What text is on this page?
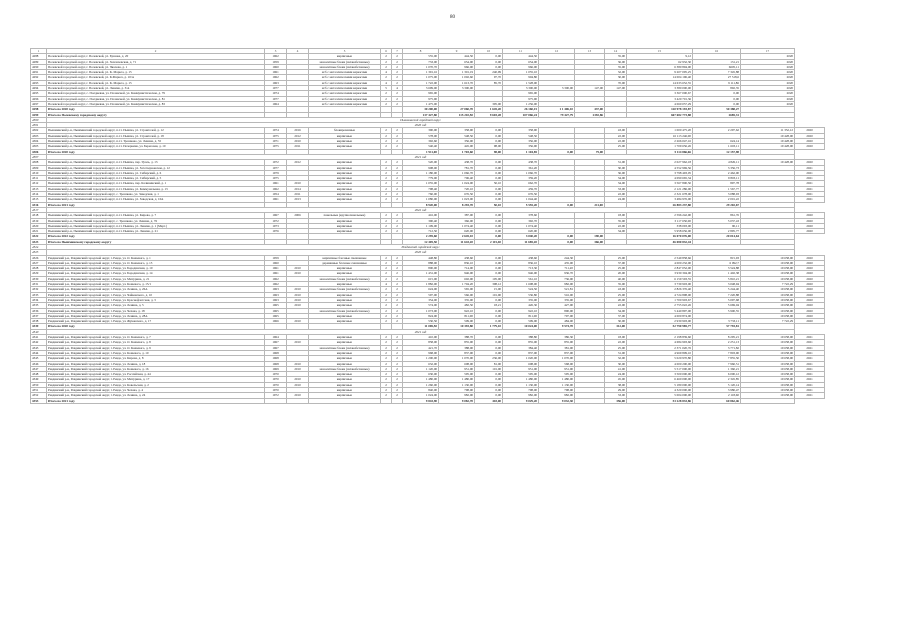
80
1	2	3	4	5	6	7	8	9	10	11	12	13	14	15	16	17	
4288	Полевской городской округ, г. Полевской, ул. Ершова, д. 20	1962		кирпичные	2	2	555,00	444,50	0,00	444,50			35,00	9,12		2020	
4289	Полевской городской округ, г. Полевской, ул. Хохлачевская, д. 71	1959		монолитные блоки (шлакобетонные)	2	2	733,00	654,00	0,00	654,00			36,00	62 932,30	131,21	2020	
4290	Полевской городской округ, г. Полевской, ул. Чкалова, д. 1	1960		монолитные блоки (шлакобетонные)	2	2	1 070,70	966,00	0,00	966,00			35,00	6 380 894,00	6605,11	2020	
4291	Полевской городской округ, г. Полевской, ул. К. Маркса, д. 15	1961		ж/б с металлическими каркасами	4	2	1 391,16	1 301,19	240,99	1 055,10			32,00	9 207 095,25	7 345,88	2020	
4292	Полевской городской округ, г. Полевской, ул. К.Маркса, д. 10/А	1962		ж/б с металлическими каркасами	2	2	1 075,00	1 002,60	97,70	904,80			30,00	14 004 196,40	27 518,6	2020	
4293	Полевской городской округ, г. Полевской, ул. К. Маркса, д. 15	1963		ж/б с металлическими каркасами	4	2	1 722,00	1 613,70	85,70	1 528,00			70,00	14 633 652,55	9 111,86	2020	
4294	Полевской городской округ, г. Полевской, ул. Ленина, д. 3/А	1977		ж/б с металлическими каркасами	5	4	3 699,00	3 300,00		3 300,00	3 300,00	147,00	147,00	3 380 000,00	892,35	2020	
4295	Полевской городской округ, с. Полдневая, ул. Полевской, ул. Коммунистическая, д. 79	1974		ж/б с металлическими каркасами	2	2	965,00			965,00				3 367 000,67	0,00	2020	
4296	Полевской городской округ, с. Полдневая, ул. Полевской, ул. Коммунистическая, д. 81	1977		ж/б с металлическими каркасами	2	2	975,90			975,90				3 420 701,36	0,00	2020	
4297	Полевской городской округ, с. Полдневая, ул. Полевской, ул. Коммунистическая, д. 83	1964		ж/б с металлическими каркасами	2	2	1 475,00		395,00	1 256,00				4 060 057,29	0,00	2020	
4298	Итого по 2020 году						30 200,00	27 060,70	1 645,20	26 160,15	1 1 406,10	437,00		120 978 193,87	50 388,27		
4299	Итого по Полевскому городскому округу						137 427,80	115 210,50	9 603,28	107 066,24	79 427,79	2392,86		667 682 773,88	2685,31		
4300	Пышминский городской округ																
4301	2020 год																
4302	Пышминский р-н, Пышминский городской округ, п.г.т. Пышма, ул. Строителей, д. 12	1974	2016	блокированные	2	2	390,00	358,90	0,00	358,90			43,00	1 000 475,20	2 297,62	11 352,12	2020
4303	Пышминский р-н, Пышминский городской округ, п.г.т. Пышма, ул. Строителей, д. 18	1975	2012	кирпичные	2	2	578,00	548,50	0,00	548,50			22,00	16 113 246,00		19 428,00	2020
4304	Пышминский р-н, Пышминский городской округ, п.г.т. Трошково, ул. Ленина, д. 55	1971	2010	кирпичные	2	2	392,60	356,00	0,00	356,00			22,00	2 266 047,16	624,14	19 428,00	2020
4305	Пышминский р-н, Пышминский городской округ, п.г.т. Печеркина, ул. Береговая, д. 10	1975	2011	кирпичные	2	2	540,40	445,00	98,00	356,90			25,00	1 709 656,26	1 603,11	19 428,00	2020
4306	Итого по 2020 году						1 911,00	1 703,60	98,00	1 104,85	0,00	75,00		5 114 866,66	12 157,98		
4307	2021 год																
4308	Пышминский р-н, Пышминский городской округ, п.г.т. Пышма, пер. Ураль, д. 13	1972	2012	кирпичные	2	2	520,00	438,70	0,00	438,70			31,00	2 027 962,18	4 826,11	19 428,00	2020
4309	Пышминский р-н, Пышминский городской округ, п.г.т. Пышма, ул. Заготзерновская, д. 12	1977		кирпичные	2	2	908,00	781,70	0,00	361,20			30,00	4 552 969,56	3 356,73		2021
4310	Пышминский р-н, Пышминский городской округ, п.г.т. Пышма, ул. Сибирский, д. 6	1979		кирпичные	2	2	1 180,00	1 066,70	0,00	1 066,70			36,00	3 798 493,05	2 462,00		2021
4311	Пышминский р-н, Пышминский городской округ, п.г.т. Пышма, ул. Сибирский, д. 5	1975		кирпичные	2	2	779,00	706,40	0,00	359,20			34,00	4 090 665,34	9 803,11		2021
4312	Пышминский р-н, Пышминский городской округ, п.г.т. Пышма, пер. Калининский, д. 1	1961	2010	кирпичные	2	2	1 055,00	1 024,00	50,10	662,70			34,00	3 567 800,50	897,78		2021
4313	Пышминский р-н, Пышминский городской округ, п.г.т. Пышма, ул. Коммунальная, д. 13	1962	2014	кирпичные	2	2	798,40	720,10	0,00	459,70			33,00	2 121 286,00	1 567,77		2021
4314	Пышминский р-н, Пышминский городской округ, с. Трошково, ул. Заводская, д. 1	1954	2011	кирпичные	2	2	760,00	676,50	0,00	676,50			22,00	2 321 678,00	3 088,93		2021
4315	Пышминский р-н, Пышминский городской округ, п.г.т. Пышма, ул. Заводская, д. 10А	1961	2013	кирпичные	2	2	1 080,00	1 023,00	0,00	1 044,40			24,00	3 484 976,00	2 001,22		2021
4316	Итого по 2021 году						8 920,00	8 293,70	50,10	5 555,20	0,00	211,00		26 883 237,80	29 202,67		
4317	2022 год																
4318	Пышминский р-н, Пышминский городской округ, п.г.т. Пышма, ул. Кирова, д. 7	1967	2006	панельные (крупнопанельные)	2	2	416,00	387,00	0,00	378,60			18,00	2 596 242,90	861,76		2020
4319	Пышминский р-н, Пышминский городской округ, с. Трошково, ул. Ленина, д. 76	1972		кирпичные	2	2	390,40	366,00	0,00	392,70			35,00	3 117 650,00	5 037,43		2020
4320	Пышминский р-н, Пышминский городской округ, п.г.т. Пышма, ул. Ленина, д. 1 (Март.)	1973		кирпичные	2	2	1 109,00	1 074,40	0,00	1 074,40			22,00	338 093,00	90,11		2020
4321	Пышминский р-н, Пышминский городской округ, п.г.т. Пышма, ул. Ленина, д. 21	1976		кирпичные	2	2	712,50	620,00	0,00	620,00			34,00	5 958 656,00	2 895,77		2020
4322	Итого по 2022 году						2 295,60	2 645,10	0,00	3 040,20	0,00	190,00		16 070 076,00	20 014,64		
4323	Итого по Пышминскому городскому округу						12 405,50	11 643,20	2 115,40	11 685,20	0,00	366,00		46 080 832,44			
4324	Ревдинский городской округ																
4325	2020 год																
4326	Ревдинский р-н, Ревдинский городской округ, г. Ревда, ул. О. Кошевого, д. 1	1959		кирпичные блочные смешанные	2	2	448,80	438,60	0,00	438,60	244,30		25,00	2 549 858,66	815,93	19 658,00	2020
4327	Ревдинский р-н, Ревдинский городской округ, г. Ревда, ул. О. Кошевого, д. 13	1960		деревянные блочные смешанные	2	2	888,00	836,10	0,00	836,10	435,00		37,00	4 000 232,00	6 092,7	19 658,00	2020
4328	Ревдинский р-н, Ревдинский городской округ, г. Ревда, ул. Бородинская, д. 10	1961	2010	кирпичные	2	2	800,00	714,00	0,00	713,30	711,20		25,00	2 847 052,00	3 524,88	19 658,00	2020
4329	Ревдинский р-н, Ревдинский городской округ, г. Ревда, ул. Бородинская, д. 14	1961	2010	кирпичные	2	2	1 431,00	946,00	0,00	946,00	936,70		20,00	3 930 304,00	1 402,38	19 658,00	2020
4330	Ревдинский р-н, Ревдинский городской округ, г. Ревда, ул. Мичурина, д. 21	1962		монолитные блоки (шлакобетонные)	2	2	615,00	602,00	105,00	561,10	736,00		40,00	6 159 593,55	5 810,21	19 658,00	2020
4331	Ревдинский р-н, Ревдинский городской округ, г. Ревда, ул. Кошевого, д. 15/1	1962		кирпичные	4	2	1 882,00	1 704,20	398,12	1 608,00	982,00		35,00	3 739 903,00	3 048,94	7 722,29	2020
4332	Ревдинский р-н, Ревдинский городской округ, г. Ревда, ул. Ленина, д. 26А	1963	2010	монолитные блоки (шлакобетонные)	2	2	624,00	565,00	15,00	524,50	521,81		43,00	2 826 376,40	5 244,40	19 658,00	2020
4333	Ревдинский р-н, Ревдинский городской округ, г. Ревда, ул. Чайковского, д. 10	1963	2010	кирпичные	2	2	597,00	566,00	101,90	536,80	516,00		25,00	4 724 898,00	7 220,88	19 658,00	2020
4334	Ревдинский р-н, Ревдинский городской округ, г. Ревда, ул. Краснофлотская, д. 3	1963	2010	кирпичные	2	2	354,00	335,00	0,00	335,00	335,00		20,00	1 700 903,67	5 097,68	19 658,00	2020
4335	Ревдинский р-н, Ревдинский городской округ, г. Ревда, ул. Ленина, д. 5	1965	2010	кирпичные	2	2	574,00	482,50	18,21	426,30	427,00		22,00	2 755 022,26	5 669,04	19 658,00	2020
4336	Ревдинский р-н, Ревдинский городской округ, г. Ревда, ул. Чехова, д. 18	1965		монолитные блоки (шлакобетонные)	2	2	1 073,00	922,10	0,00	922,10	890,00		34,00	5 440 897,00	5 900,55	19 658,00	2020
4337	Ревдинский р-н, Ревдинский городской округ, г. Ревда, ул. Ленина, д. 28А	1965		кирпичные	2	2	824,00	811,00	0,00	811,00	797,00		37,00	4 000 874,00		19 658,00	2020
4338	Ревдинский р-н, Ревдинский городской округ, г. Ревда, ул. Жуковского, д. 17	1966	2010	кирпичные	2	2	530,50	509,00	0,00	509,00	484,00		30,00	2 930 903,00	3 733,11	7 722,29	2020
4339	Итого по 2020 году						11 069,50	10 393,80	1 779,10	10 024,00	9 574,70		312,00	52 790 985,77	57 793,81		
4340	2021 год																
4341	Ревдинский р-н, Ревдинский городской округ, г. Ревда, ул. О. Кошевого, д. 7	1964		кирпичные	2	2	410,00	388,70	0,00	388,80	386,30		18,00	2 198 839,60	8 295,21	19 658,00	2021
4342	Ревдинский р-н, Ревдинский городской округ, г. Ревда, ул. О. Кошевого, д. 8	1967	2010	кирпичные	2	2	858,00	855,00	0,00	855,00	855,00		22,00	4 684 993,60	2 251,13	19 658,00	2021
4343	Ревдинский р-н, Ревдинский городской округ, г. Ревда, ул. О. Кошевого, д. 9	1967		монолитные блоки (шлакобетонные)	2	2	421,70	388,00	0,00	384,40	381,00		25,00	2 371 020,76	3 771,82	19 658,00	2021
4344	Ревдинский р-н, Ревдинский городской округ, г. Ревда, ул. Кошевого, д. 10	1968		кирпичные	2	2	968,00	837,00	0,00	837,00	837,00		31,00	4 969 809,10	7 803,90	19 658,00	2021
4345	Ревдинский р-н, Ревдинский городской округ, г. Ревда, ул. Кирова, д. 8	1968		кирпичные	2	2	1 200,00	1 070,00	236,00	1 020,00	1 070,00		32,00	5 020 970,80	7 855,50	19 658,00	2021
4346	Ревдинский р-н, Ревдинский городской округ, г. Ревда, ул. Ленина, д. 18	1968	2010	кирпичные	2	2	632,00	608,00	81,00	608,00	568,00		30,00	4 000 200,00	7 960,51	19 658,00	2021
4347	Ревдинский р-н, Ревдинский городской округ, г. Ревда, ул. Кошевого, д. 16	1969	2010	монолитные блоки (шлакобетонные)	2	2	1 120,00	951,00	101,00	951,00	951,00		41,00	5 517 000,00	1 360,21	19 658,00	2021
4348	Ревдинский р-н, Ревдинский городской округ, г. Ревда, ул. Российская, д. 44	1970		кирпичные	2	2	630,00	595,00	0,00	595,00	595,00		24,00	3 500 000,00	6 000,12	19 658,00	2021
4349	Ревдинский р-н, Ревдинский городской округ, г. Ревда, ул. Мичурина, д. 17	1970	2010	кирпичные	2	2	1 480,00	1 480,00	0,00	1 480,00	1 480,00		45,00	6 460 000,00	2 345,85	19 658,00	2021
4350	Ревдинский р-н, Ревдинский городской округ, г. Ревда, ул. Ковельская, д. 2	1970	2010	кирпичные	2	2	1 260,00	1 130,00	0,00	1 130,00	1 130,00		38,00	5 180 000,00	5 120,14	19 658,00	2021
4351	Ревдинский р-н, Ревдинский городской округ, г. Ревда, ул. Чехова, д. 4	1970		кирпичные	2	2	840,00	798,00	0,00	798,00	798,00		29,00	4 320 000,00	3 980,47	19 658,00	2021
4352	Ревдинский р-н, Ревдинский городской округ, г. Ревда, ул. Ленина, д. 24	1972	2010	кирпичные	2	2	1 024,00	982,00	0,00	982,00	982,00		33,00	5 004 000,00	2 118,60	19 658,00	2021
4353	Итого по 2021 году						9 843,90	9 082,70	418,00	9 029,20	9 032,30		356,00	53 228 833,86	60 862,46		
